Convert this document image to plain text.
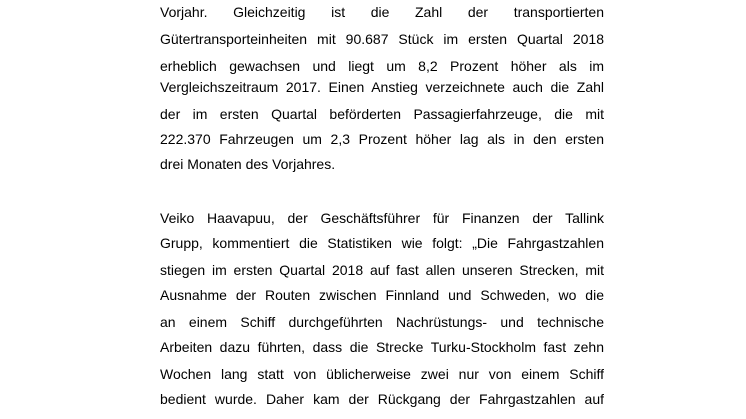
Vorjahr. Gleichzeitig ist die Zahl der transportierten
Gütertransporteinheiten mit 90.687 Stück im ersten Quartal 2018
erheblich gewachsen und liegt um 8,2 Prozent höher als im
Vergleichszeitraum 2017. Einen Anstieg verzeichnete auch die Zahl
der im ersten Quartal beförderten Passagierfahrzeuge, die mit
222.370 Fahrzeugen um 2,3 Prozent höher lag als in den ersten
drei Monaten des Vorjahres.
Veiko Haavapuu, der Geschäftsführer für Finanzen der Tallink
Grupp, kommentiert die Statistiken wie folgt: „Die Fahrgastzahlen
stiegen im ersten Quartal 2018 auf fast allen unseren Strecken, mit
Ausnahme der Routen zwischen Finnland und Schweden, wo die
an einem Schiff durchgeführten Nachrüstungs- und technische
Arbeiten dazu führten, dass die Strecke Turku-Stockholm fast zehn
Wochen lang statt von üblicherweise zwei nur von einem Schiff
bedient wurde. Daher kam der Rückgang der Fahrgastzahlen auf
